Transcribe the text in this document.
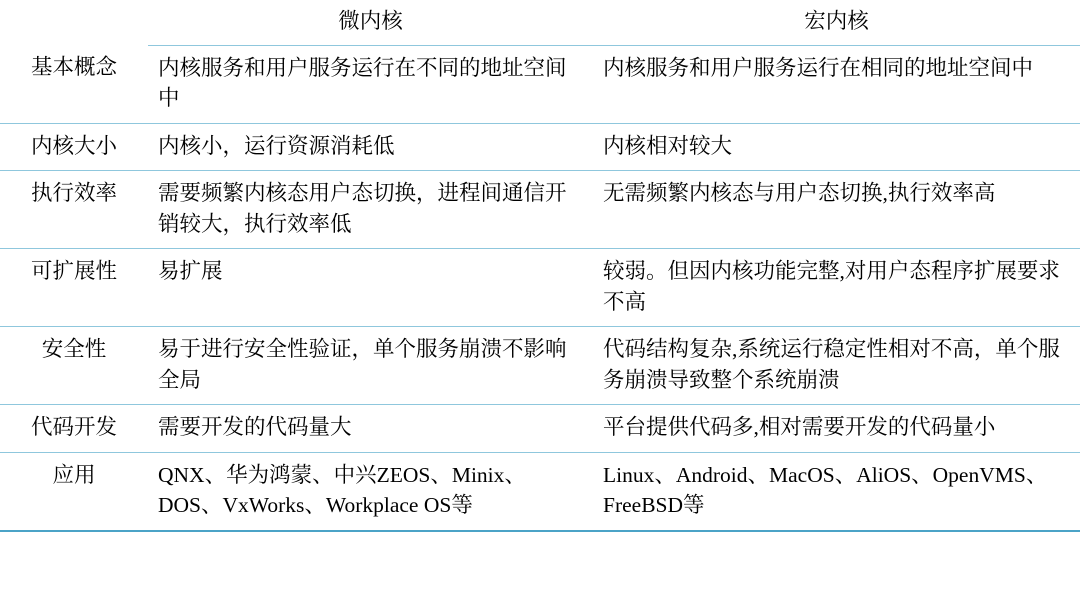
	微内核	宏内核
基本概念	内核服务和用户服务运行在不同的地址空间中	内核服务和用户服务运行在相同的地址空间中
内核大小	内核小，运行资源消耗低	内核相对较大
执行效率	需要频繁内核态用户态切换，进程间通信开销较大，执行效率低	无需频繁内核态与用户态切换,执行效率高
可扩展性	易扩展	较弱。但因内核功能完整,对用户态程序扩展要求不高
安全性	易于进行安全性验证，单个服务崩溃不影响全局	代码结构复杂,系统运行稳定性相对不高，单个服务崩溃导致整个系统崩溃
代码开发	需要开发的代码量大	平台提供代码多,相对需要开发的代码量小
应用	QNX、华为鸿蒙、中兴ZEOS、Minix、DOS、VxWorks、Workplace OS等	Linux、Android、MacOS、AliOS、OpenVMS、FreeBSD等
